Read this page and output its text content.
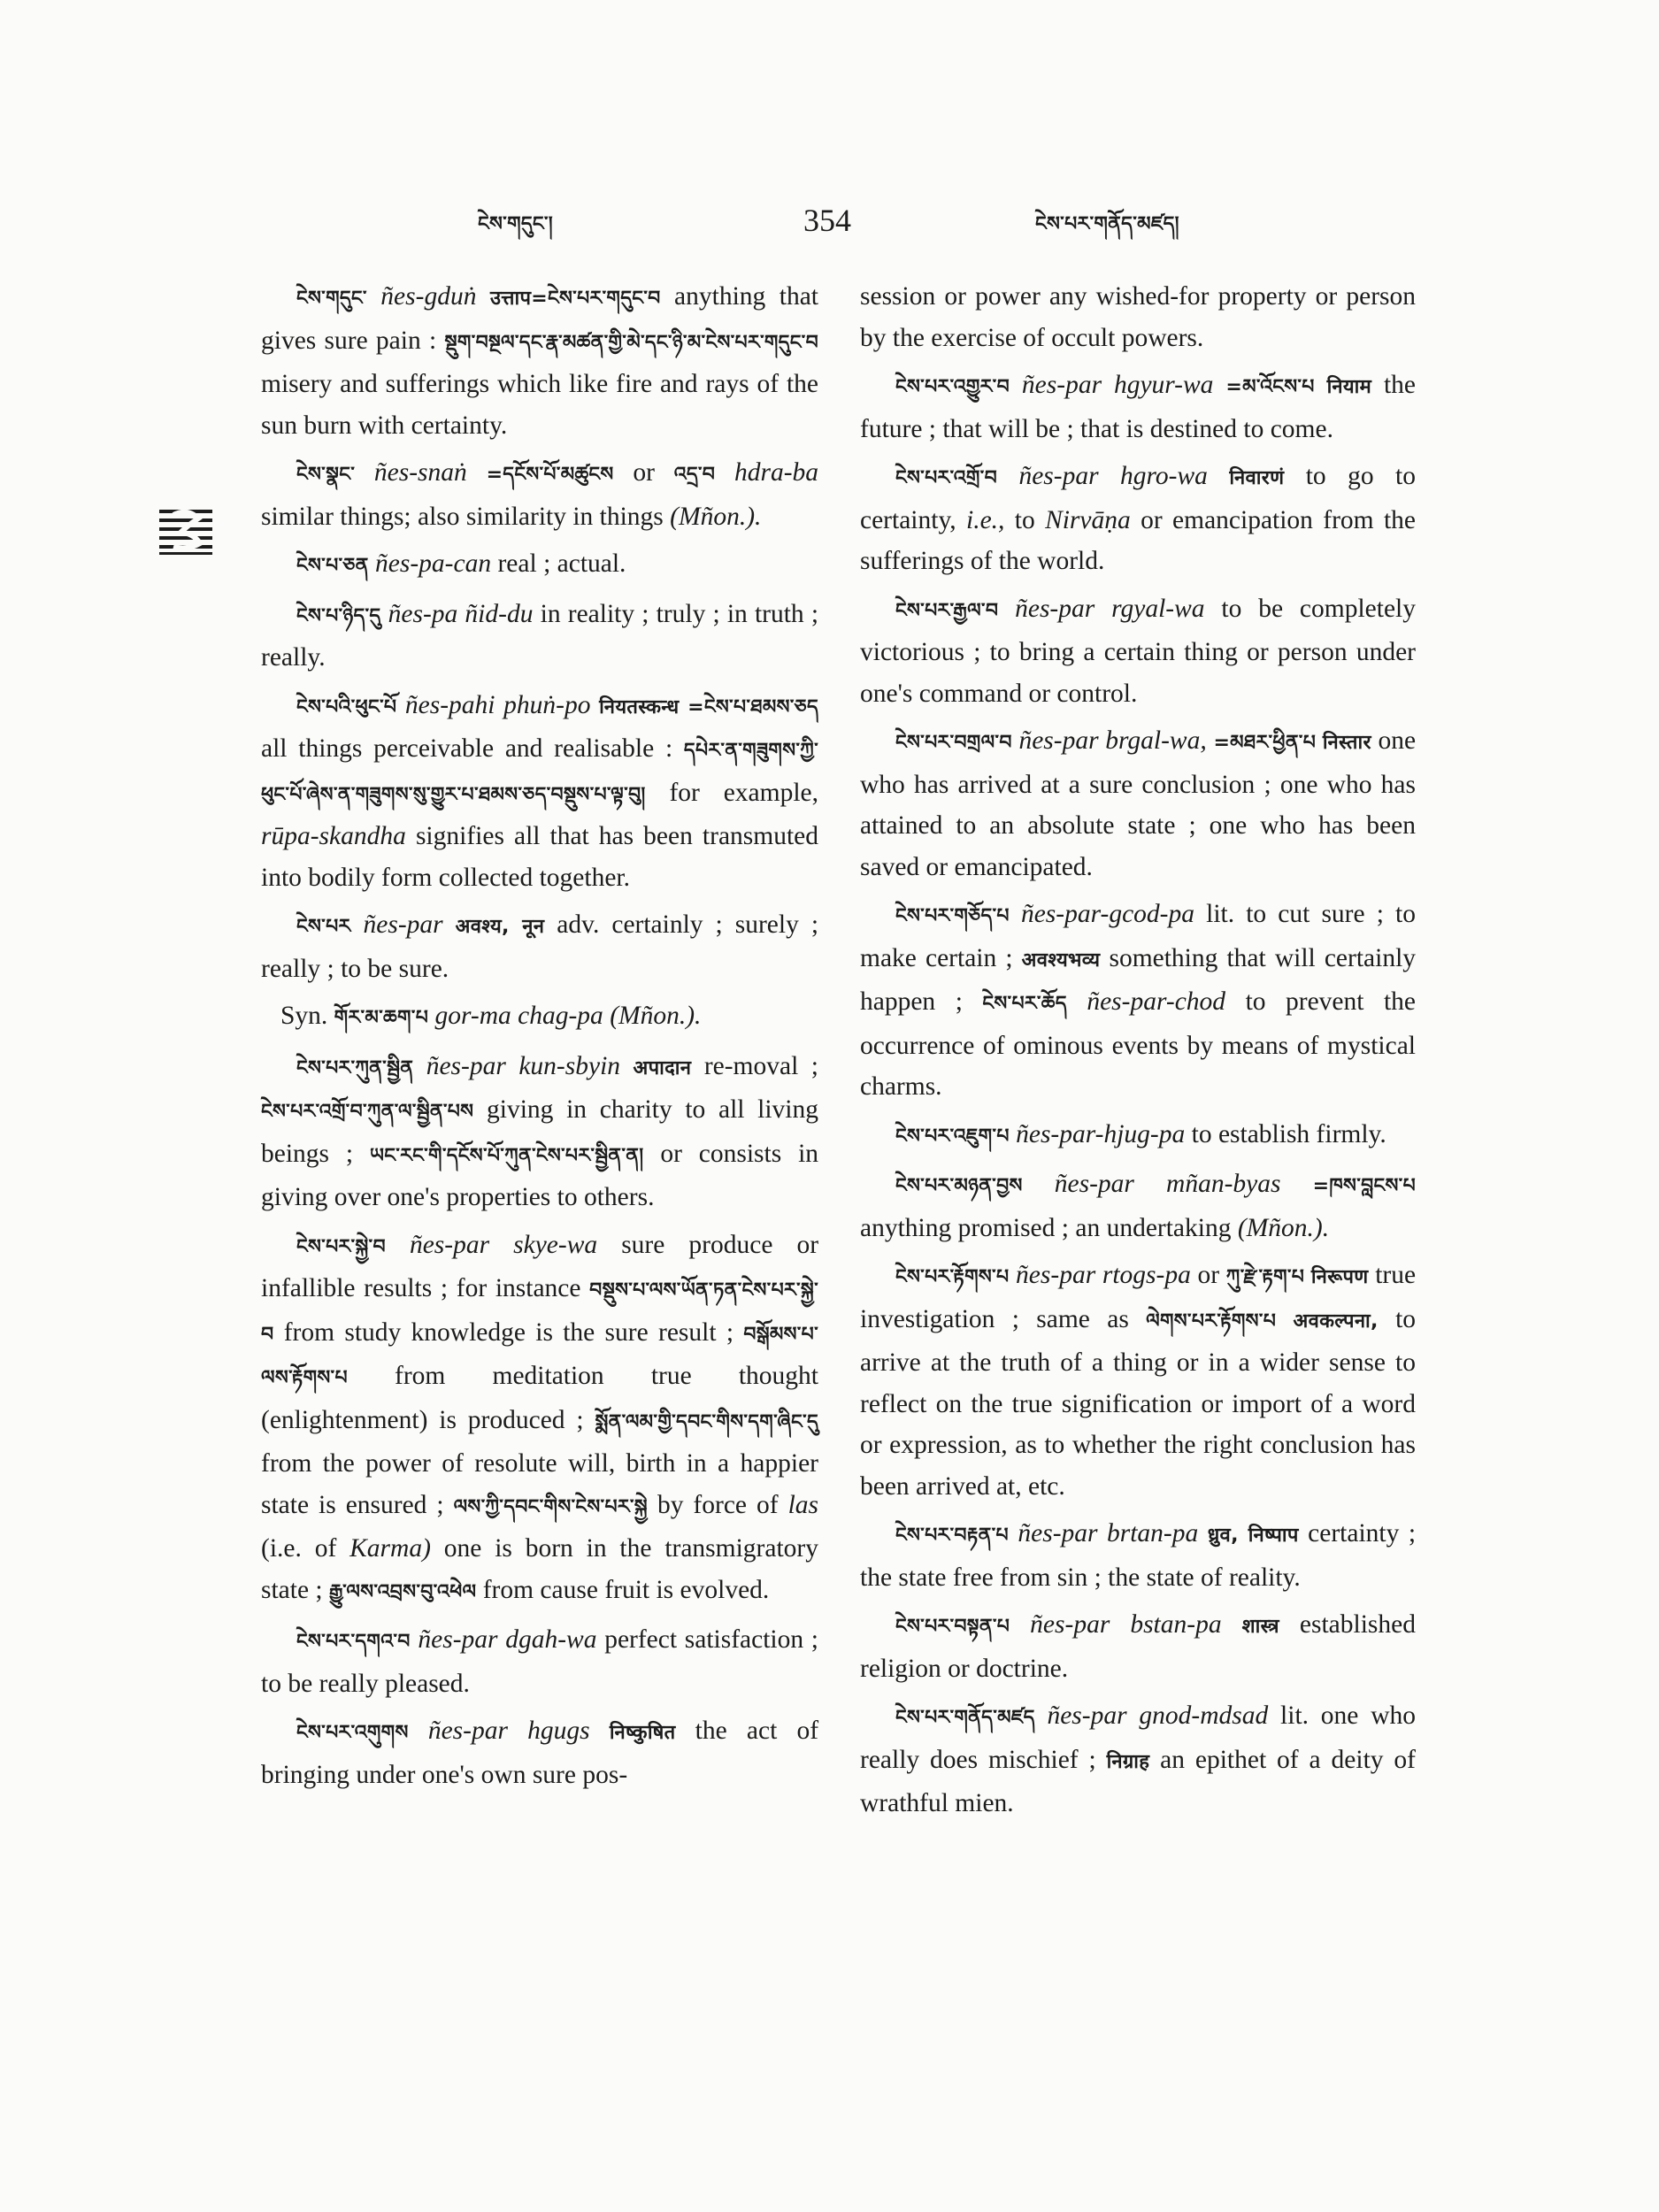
ངེས་གདུང་།	354	ངེས་པར་གནོད་མཛད།

ངེས་གདུང་ ñes-gduṅ उत्ताप=ངེས་པར་གདུང་བ anything that gives sure pain : སྡུག་བསྔལ་དང་རྣ་མཚན་གྱི་མེ་དང་ཉི་མ་ངེས་པར་གདུང་བ misery and sufferings which like fire and rays of the sun burn with certainty.

ངེས་སྣང་ ñes-snaṅ =དངོས་པོ་མཚུངས or འདྲ་བ hdra-ba similar things; also similarity in things (Mñon.).

ངེས་པ་ཅན ñes-pa-can real ; actual.

ངེས་པ་ཉིད་དུ ñes-pa ñid-du in reality ; truly ; in truth ; really.

ངེས་པའི་ཕུང་པོ ñes-pahi phuṅ-po नियतस्कन्ध =ངེས་པ་ཐམས་ཅད all things perceivable and realisable : དཔེར་ན་གཟུགས་ཀྱི་ཕུང་པོ་ཞེས་ན་གཟུགས་སུ་གྱུར་པ་ཐམས་ཅད་བསྡུས་པ་ལྟ་བུ། for example, rūpa-skandha signifies all that has been transmuted into bodily form collected together.

ངེས་པར ñes-par अवश्य, नून adv. certainly ; surely ; really ; to be sure.

Syn. གོར་མ་ཆག་པ gor-ma chag-pa (Mñon.).

ངེས་པར་ཀུན་སྦྱིན ñes-par kun-sbyin अपादान re-moval ; ངེས་པར་འགྲོ་བ་ཀུན་ལ་སྦྱིན་པས giving in charity to all living beings ; ཡང་རང་གི་དངོས་པོ་ཀུན་ངེས་པར་སྦྱིན་ན། or consists in giving over one's properties to others.

ངེས་པར་སྐྱེ་བ ñes-par skye-wa sure produce or infallible results ; for instance བསྡུས་པ་ལས་ཡོན་ཏན་ངེས་པར་སྐྱེ་བ from study knowledge is the sure result ; བསྒོམས་པ་ལས་རྟོགས་པ from meditation true thought (enlightenment) is produced ; སྨོན་ལམ་གྱི་དབང་གིས་དག་ཞིང་དུ from the power of resolute will, birth in a happier state is ensured ; ལས་ཀྱི་དབང་གིས་ངེས་པར་སྐྱེ by force of las (i.e. of Karma) one is born in the transmigratory state ; རྒྱུ་ལས་འབྲས་བུ་འཕེལ from cause fruit is evolved.

ངེས་པར་དགའ་བ ñes-par dgah-wa perfect satisfaction ; to be really pleased.

ངེས་པར་འགུགས ñes-par hgugs निष्कुषित the act of bringing under one's own sure pos-

session or power any wished-for property or person by the exercise of occult powers.

ངེས་པར་འགྱུར་བ ñes-par hgyur-wa =མ་འོངས་པ नियाम the future ; that will be ; that is destined to come.

ངེས་པར་འགྲོ་བ ñes-par hgro-wa निवारणं to go to certainty, i.e., to Nirvāṇa or emancipation from the sufferings of the world.

ངེས་པར་རྒྱལ་བ ñes-par rgyal-wa to be completely victorious ; to bring a certain thing or person under one's command or control.

ངེས་པར་བགྲལ་བ ñes-par brgal-wa, =མཐར་ཕྱིན་པ निस्तार one who has arrived at a sure conclusion ; one who has attained to an absolute state ; one who has been saved or emancipated.

ངེས་པར་གཅོད་པ ñes-par-gcod-pa lit. to cut sure ; to make certain ; अवश्यभव्य something that will certainly happen ; ངེས་པར་ཆོད ñes-par-chod to prevent the occurrence of ominous events by means of mystical charms.

ངེས་པར་འཇུག་པ ñes-par-hjug-pa to establish firmly.

ངེས་པར་མཉན་བྱས ñes-par mñan-byas =ཁས་བླངས་པ anything promised ; an undertaking (Mñon.).

ངེས་པར་རྟོགས་པ ñes-par rtogs-pa or ཀུ་རྫེ་རྟག་པ निरूपण true investigation ; same as ལེགས་པར་རྟོགས་པ अवकल्पना, to arrive at the truth of a thing or in a wider sense to reflect on the true signification or import of a word or expression, as to whether the right conclusion has been arrived at, etc.

ངེས་པར་བརྟན་པ ñes-par brtan-pa ध्रुव, निष्पाप certainty ; the state free from sin ; the state of reality.

ངེས་པར་བསྟན་པ ñes-par bstan-pa शास्त्र established religion or doctrine.

ངེས་པར་གནོད་མཛད ñes-par gnod-mdsad lit. one who really does mischief ; निग्राह an epithet of a deity of wrathful mien.
